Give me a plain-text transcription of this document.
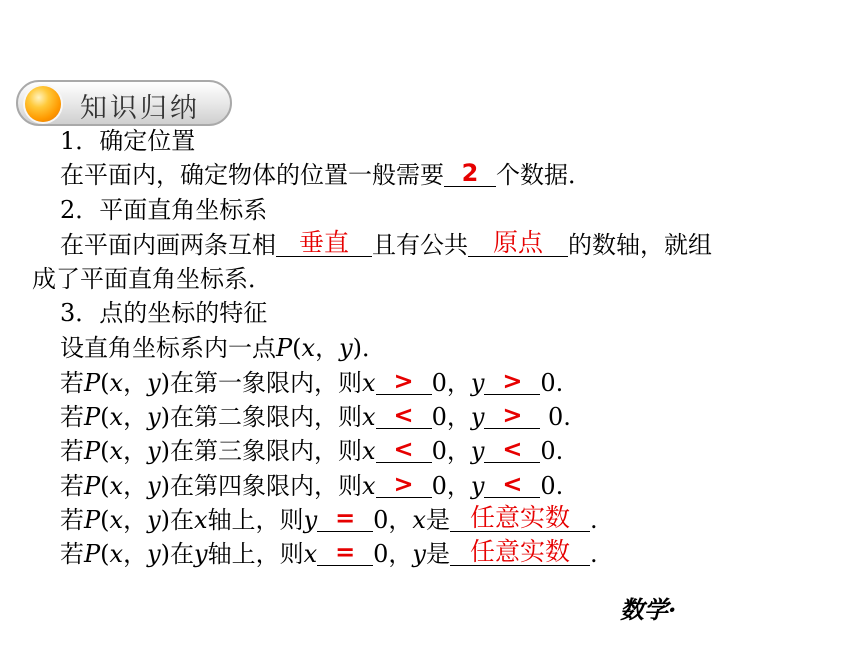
知识归纳
1．确定位置
在平面内，确定物体的位置一般需要 2 个数据．
2．平面直角坐标系
在平面内画两条互相 垂直 且有公共 原点	的数轴，就组
成了平面直角坐标系．
3．点的坐标的特征
设直角坐标系内一点P(x，y)．
若P(x，y)在第一象限内，则x > 0，y > 0.
若P(x，y)在第二象限内，则x < 0，y > 0.
若P(x，y)在第三象限内，则x < 0，y < 0.
若P(x，y)在第四象限内，则x > 0，y < 0.
若P(x，y)在x轴上，则y = 0，x是 任意实数 .
若P(x，y)在y轴上，则x = 0，y是 任意实数 .
数学·
